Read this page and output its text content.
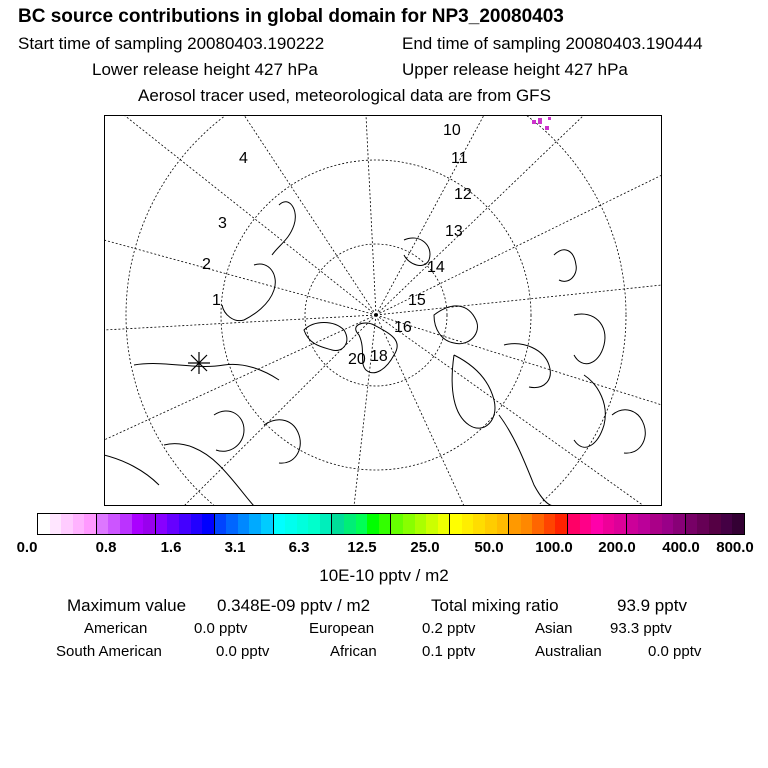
BC source contributions in global domain for NP3_20080403
Start time of sampling 20080403.190222	End time of sampling 20080403.190444
Lower release height 427 hPa	Upper release height 427 hPa
Aerosol tracer used, meteorological data are from GFS
1
2
3
4
10
11
12
13
14
15
16
20 18
0.0	0.8	1.6	3.1	6.3	12.5 25.0 50.0 100.0 200.0 400.0 800.0
10E-10 pptv / m2
Maximum value 0.348E-09 pptv / m2	Total mixing ratio	93.9 pptv
American	0.0 pptv	European	0.2 pptv	Asian 93.3 pptv
South American	0.0 pptv	African	0.1 pptv	Australian	0.0 pptv
